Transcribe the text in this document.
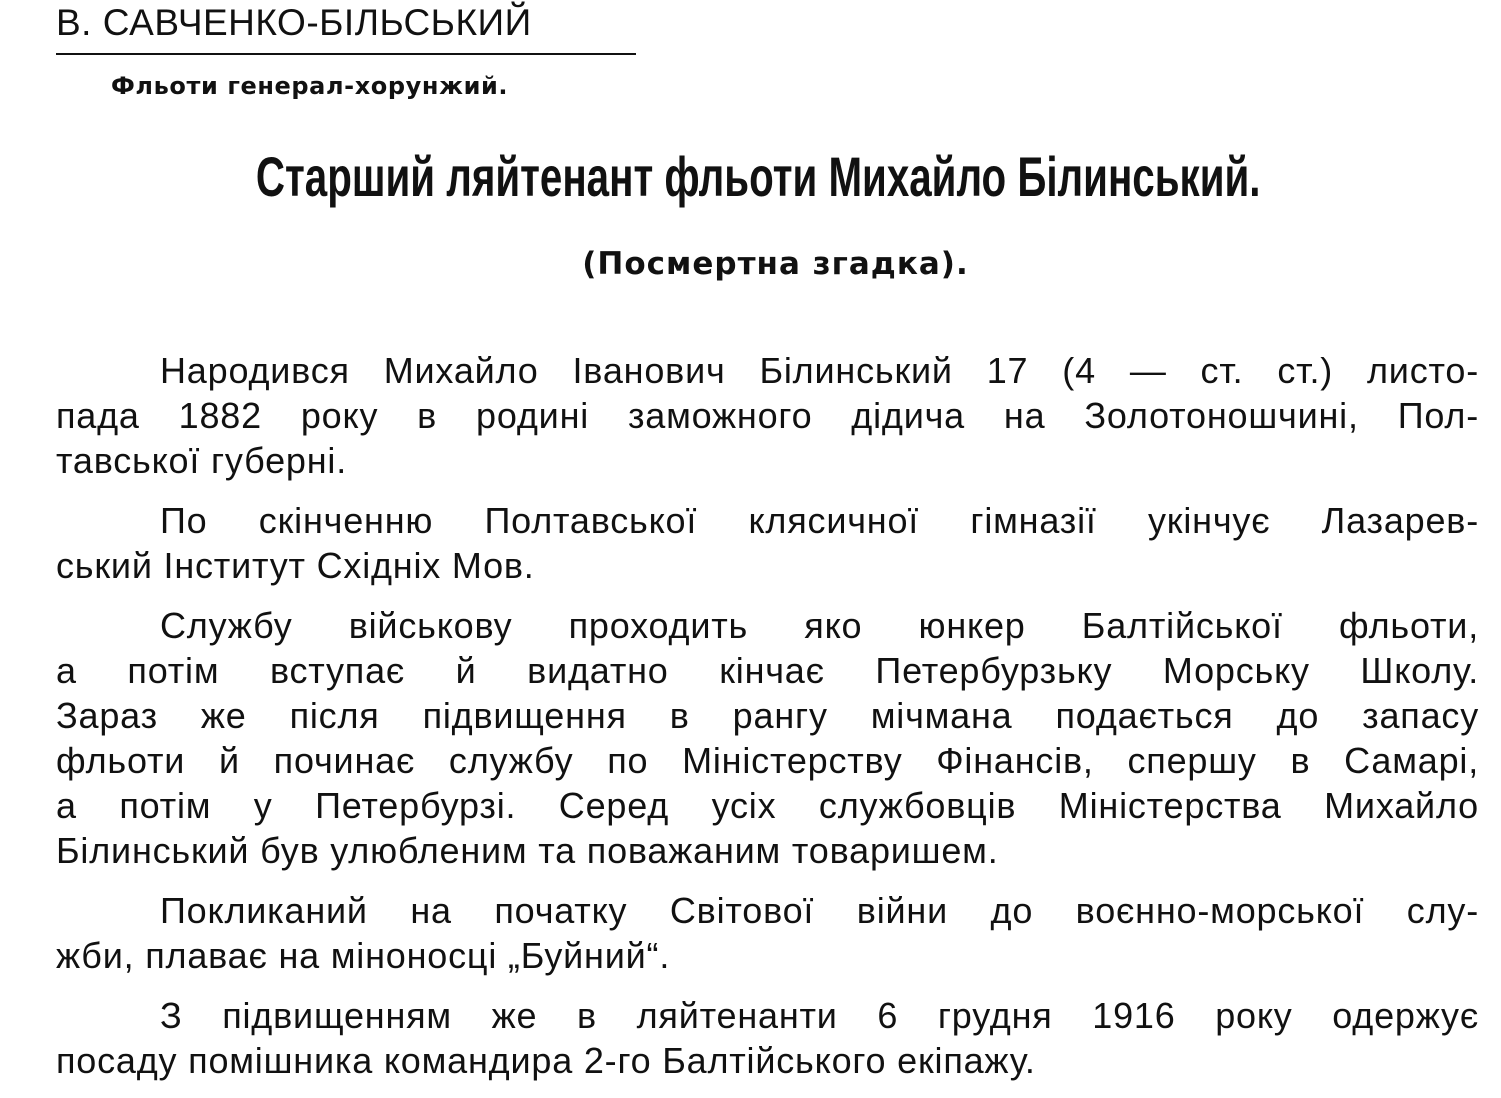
В. САВЧЕНКО-БІЛЬСЬКИЙ
Фльоти генерал-хорунжий.
Старший ляйтенант фльоти Михайло Білинський.
(Посмертна згадка).
Народився Михайло Іванович Білинський 17 (4 — ст. ст.) листо-
пада 1882 року в родині заможного дідича на Золотоношчині, Пол-
тавської губерні.
По скінченню Полтавської клясичної гімназії укінчує Лазарев-
ський Інститут Східніх Мов.
Службу військову проходить яко юнкер Балтійської фльоти,
а потім вступає й видатно кінчає Петербурзьку Морську Школу.
Зараз же після підвищення в рангу мічмана подається до запасу
фльоти й починає службу по Міністерству Фінансів, спершу в Самарі,
а потім у Петербурзі. Серед усіх службовців Міністерства Михайло
Білинський був улюбленим та поважаним товаришем.
Покликаний на початку Світової війни до воєнно-морської слу-
жби, плаває на міноносці „Буйний“.
З підвищенням же в ляйтенанти 6 грудня 1916 року одержує
посаду помішника командира 2-го Балтійського екіпажу.
